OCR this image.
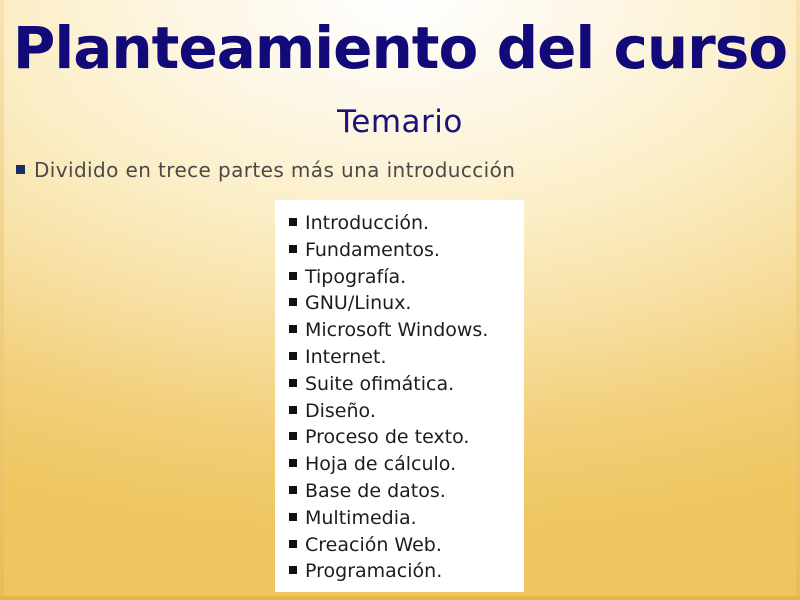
Planteamiento del curso
Temario
Dividido en trece partes más una introducción
Introducción.
Fundamentos.
Tipografía.
GNU/Linux.
Microsoft Windows.
Internet.
Suite ofimática.
Diseño.
Proceso de texto.
Hoja de cálculo.
Base de datos.
Multimedia.
Creación Web.
Programación.
